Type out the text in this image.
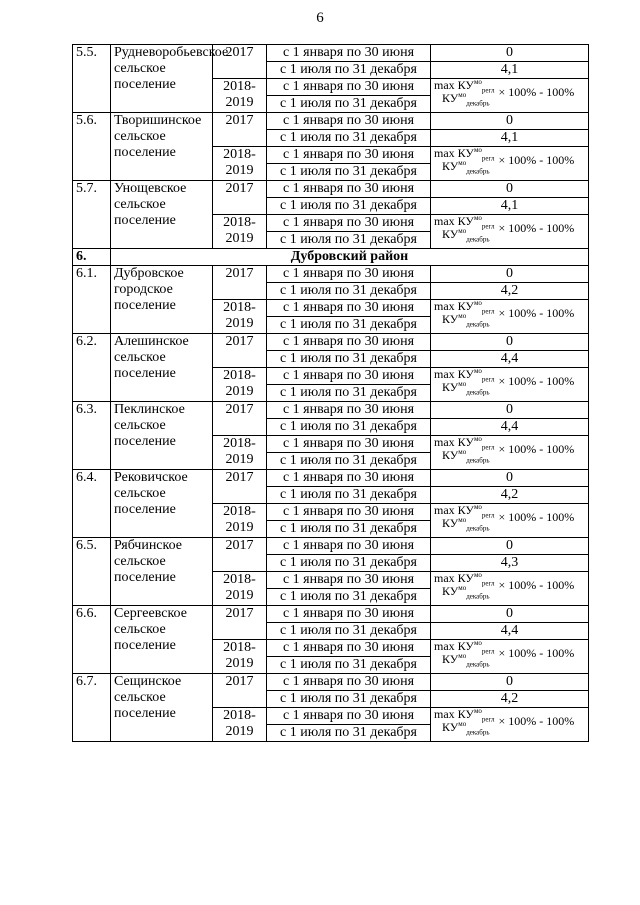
6
5.5.	Рудневоробьевское сельское поселение	2017	с 1 января по 30 июня	0
			с 1 июля по 31 декабря	4,1
		2018-2019	с 1 января по 30 июня	$\max КУ^{мо}_{регл}$
$КУ^{мо}_{декабрь}$
× 100% - 100%
			с 1 июля по 31 декабря	
5.6.	Творишинское сельское поселение	2017	с 1 января по 30 июня	0
			с 1 июля по 31 декабря	4,1
		2018-2019	с 1 января по 30 июня	$\max КУ^{мо}_{регл}$
$КУ^{мо}_{декабрь}$
× 100% - 100%
			с 1 июля по 31 декабря	
5.7.	Унощевское сельское поселение	2017	с 1 января по 30 июня	0
			с 1 июля по 31 декабря	4,1
		2018-2019	с 1 января по 30 июня	$\max КУ^{мо}_{регл}$
$КУ^{мо}_{декабрь}$
× 100% - 100%
			с 1 июля по 31 декабря	
6.	Дубровский район			
6.1.	Дубровское городское поселение	2017	с 1 января по 30 июня	0
			с 1 июля по 31 декабря	4,2
		2018-2019	с 1 января по 30 июня	$\max КУ^{мо}_{регл}$
$КУ^{мо}_{декабрь}$
× 100% - 100%
			с 1 июля по 31 декабря	
6.2.	Алешинское сельское поселение	2017	с 1 января по 30 июня	0
			с 1 июля по 31 декабря	4,4
		2018-2019	с 1 января по 30 июня	$\max КУ^{мо}_{регл}$
$КУ^{мо}_{декабрь}$
× 100% - 100%
			с 1 июля по 31 декабря	
6.3.	Пеклинское сельское поселение	2017	с 1 января по 30 июня	0
			с 1 июля по 31 декабря	4,4
		2018-2019	с 1 января по 30 июня	$\max КУ^{мо}_{регл}$
$КУ^{мо}_{декабрь}$
× 100% - 100%
			с 1 июля по 31 декабря	
6.4.	Рековичское сельское поселение	2017	с 1 января по 30 июня	0
			с 1 июля по 31 декабря	4,2
		2018-2019	с 1 января по 30 июня	$\max КУ^{мо}_{регл}$
$КУ^{мо}_{декабрь}$
× 100% - 100%
			с 1 июля по 31 декабря	
6.5.	Рябчинское сельское поселение	2017	с 1 января по 30 июня	0
			с 1 июля по 31 декабря	4,3
		2018-2019	с 1 января по 30 июня	$\max КУ^{мо}_{регл}$
$КУ^{мо}_{декабрь}$
× 100% - 100%
			с 1 июля по 31 декабря	
6.6.	Сергеевское сельское поселение	2017	с 1 января по 30 июня	0
			с 1 июля по 31 декабря	4,4
		2018-2019	с 1 января по 30 июня	$\max КУ^{мо}_{регл}$
$КУ^{мо}_{декабрь}$
× 100% - 100%
			с 1 июля по 31 декабря	
6.7.	Сещинское сельское поселение	2017	с 1 января по 30 июня	0
			с 1 июля по 31 декабря	4,2
		2018-2019	с 1 января по 30 июня	$\max КУ^{мо}_{регл}$
$КУ^{мо}_{декабрь}$
× 100% - 100%
			с 1 июля по 31 декабря	
